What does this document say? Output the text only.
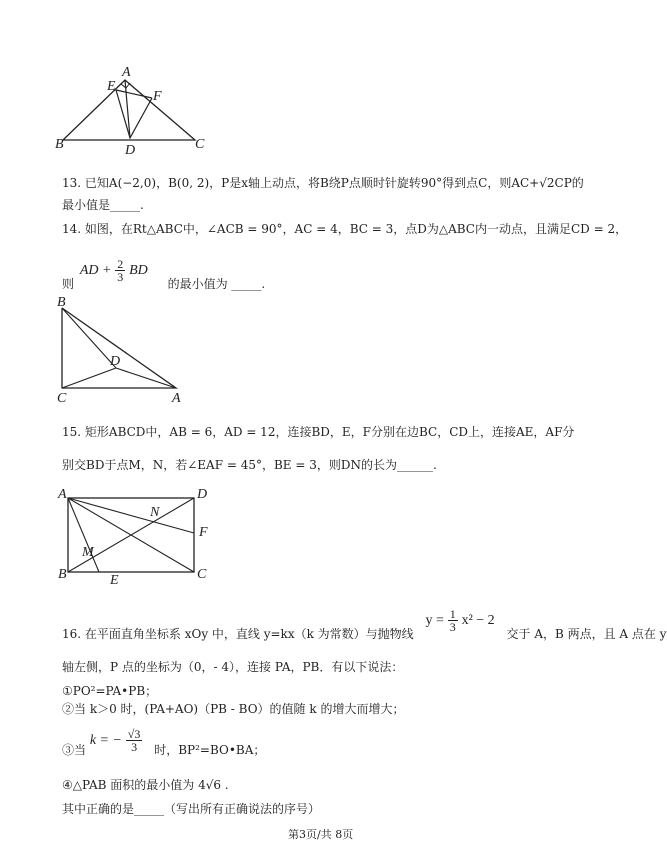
A
E
F
B	D	C
13. 已知A(−2,0)，B(0, 2)，P是x轴上动点，将B绕P点顺时针旋转90°得到点C，则AC+√2CP的
最小值是_____.
14. 如图，在Rt△ABC中，∠ACB = 90°，AC = 4，BC = 3，点D为△ABC内一动点，且满足CD = 2，
则 AD + $\frac{2}{3}$ BD 的最小值为 _____.
B
D
C	A
15. 矩形ABCD中，AB = 6，AD = 12，连接BD，E，F分别在边BC，CD上，连接AE，AF分
别交BD于点M，N，若∠EAF = 45°，BE = 3，则DN的长为______.
A	D
N
F
M
B	E	C
16. 在平面直角坐标系 xOy 中，直线 y=kx（k 为常数）与抛物线 $y = \frac{1}{3} x^2 - 2$ 交于 A，B 两点，且 A 点在 y
轴左侧，P 点的坐标为（0，- 4），连接 PA，PB．有以下说法：
①PO²=PA•PB；
②当 k＞0 时，(PA+AO)（PB - BO）的值随 k 的增大而增大；
③当 k = − $\frac{√3}{3}$ 时，BP²=BO•BA；
④△PAB 面积的最小值为 4√6 .
其中正确的是_____（写出所有正确说法的序号）
第3页/共 8页
